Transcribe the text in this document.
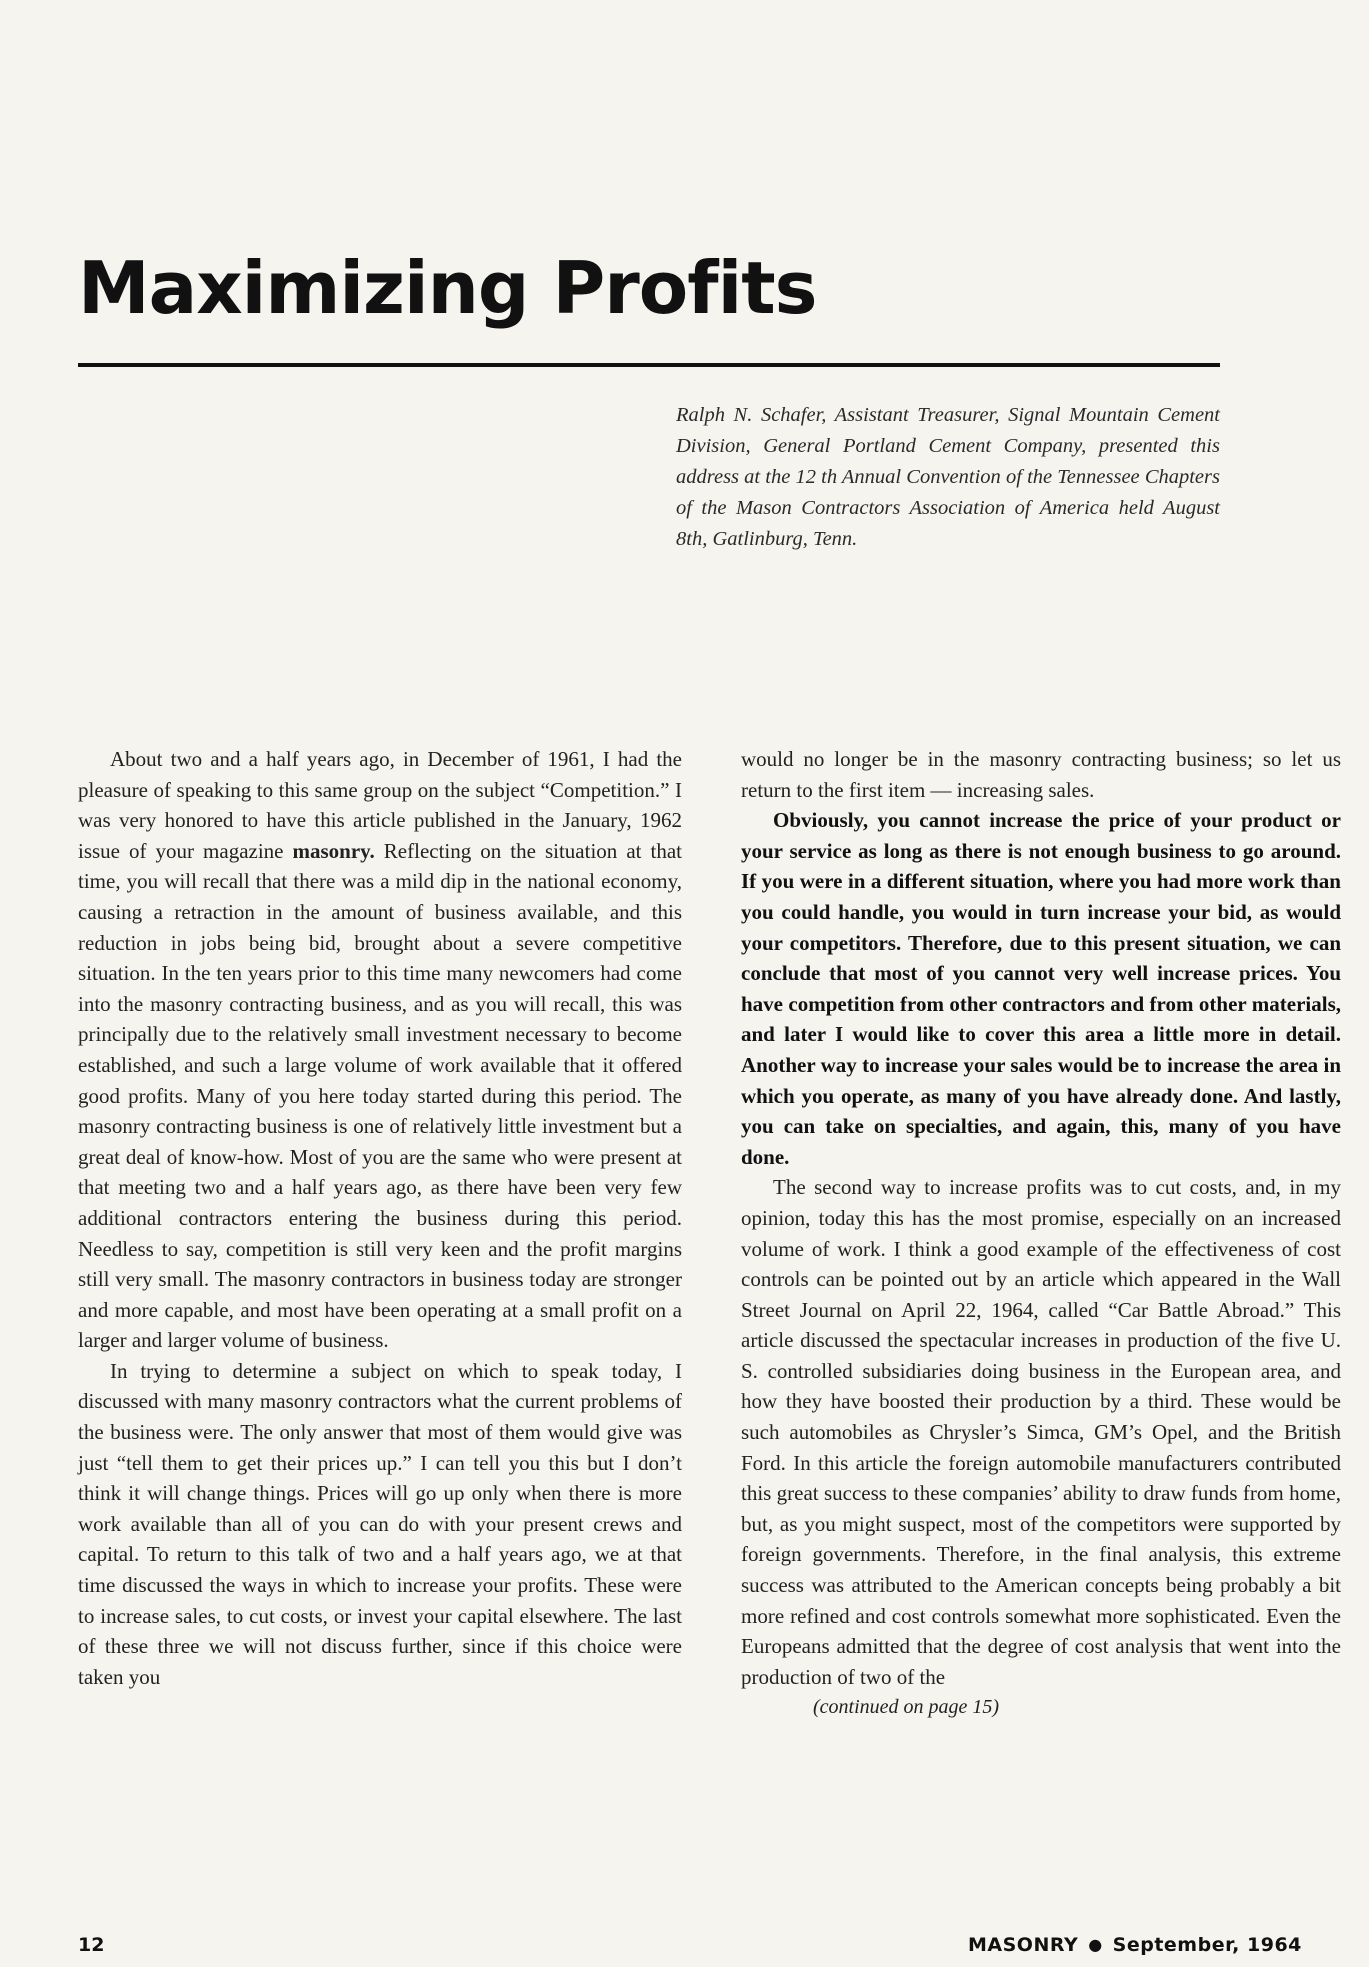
Maximizing Profits

Ralph N. Schafer, Assistant Treasurer, Signal Mountain Cement Division, General Portland Cement Company, presented this address at the 12 th Annual Convention of the Tennessee Chapters of the Mason Contractors Association of America held August 8th, Gatlinburg, Tenn.

About two and a half years ago, in December of 1961, I had the pleasure of speaking to this same group on the subject “Competition.” I was very honored to have this article published in the January, 1962 issue of your magazine masonry. Reflecting on the situation at that time, you will recall that there was a mild dip in the national economy, causing a retraction in the amount of business available, and this reduction in jobs being bid, brought about a severe competitive situation. In the ten years prior to this time many newcomers had come into the masonry contracting business, and as you will recall, this was principally due to the relatively small investment necessary to become established, and such a large volume of work available that it offered good profits. Many of you here today started during this period. The masonry contracting business is one of relatively little investment but a great deal of know-how. Most of you are the same who were present at that meeting two and a half years ago, as there have been very few additional contractors entering the business during this period. Needless to say, competition is still very keen and the profit margins still very small. The masonry contractors in business today are stronger and more capable, and most have been operating at a small profit on a larger and larger volume of business.

In trying to determine a subject on which to speak today, I discussed with many masonry contractors what the current problems of the business were. The only answer that most of them would give was just “tell them to get their prices up.” I can tell you this but I don’t think it will change things. Prices will go up only when there is more work available than all of you can do with your present crews and capital. To return to this talk of two and a half years ago, we at that time discussed the ways in which to increase your profits. These were to increase sales, to cut costs, or invest your capital elsewhere. The last of these three we will not discuss further, since if this choice were taken you

would no longer be in the masonry contracting business; so let us return to the first item — increasing sales.

Obviously, you cannot increase the price of your product or your service as long as there is not enough business to go around. If you were in a different situation, where you had more work than you could handle, you would in turn increase your bid, as would your competitors. Therefore, due to this present situation, we can conclude that most of you cannot very well increase prices. You have competition from other contractors and from other materials, and later I would like to cover this area a little more in detail. Another way to increase your sales would be to increase the area in which you operate, as many of you have already done. And lastly, you can take on specialties, and again, this, many of you have done.

The second way to increase profits was to cut costs, and, in my opinion, today this has the most promise, especially on an increased volume of work. I think a good example of the effectiveness of cost controls can be pointed out by an article which appeared in the Wall Street Journal on April 22, 1964, called “Car Battle Abroad.” This article discussed the spectacular increases in production of the five U. S. controlled subsidiaries doing business in the European area, and how they have boosted their production by a third. These would be such automobiles as Chrysler’s Simca, GM’s Opel, and the British Ford. In this article the foreign automobile manufacturers contributed this great success to these companies’ ability to draw funds from home, but, as you might suspect, most of the competitors were supported by foreign governments. Therefore, in the final analysis, this extreme success was attributed to the American concepts being probably a bit more refined and cost controls somewhat more sophisticated. Even the Europeans admitted that the degree of cost analysis that went into the production of two of the

(continued on page 15)

12	MASONRY ● September, 1964
